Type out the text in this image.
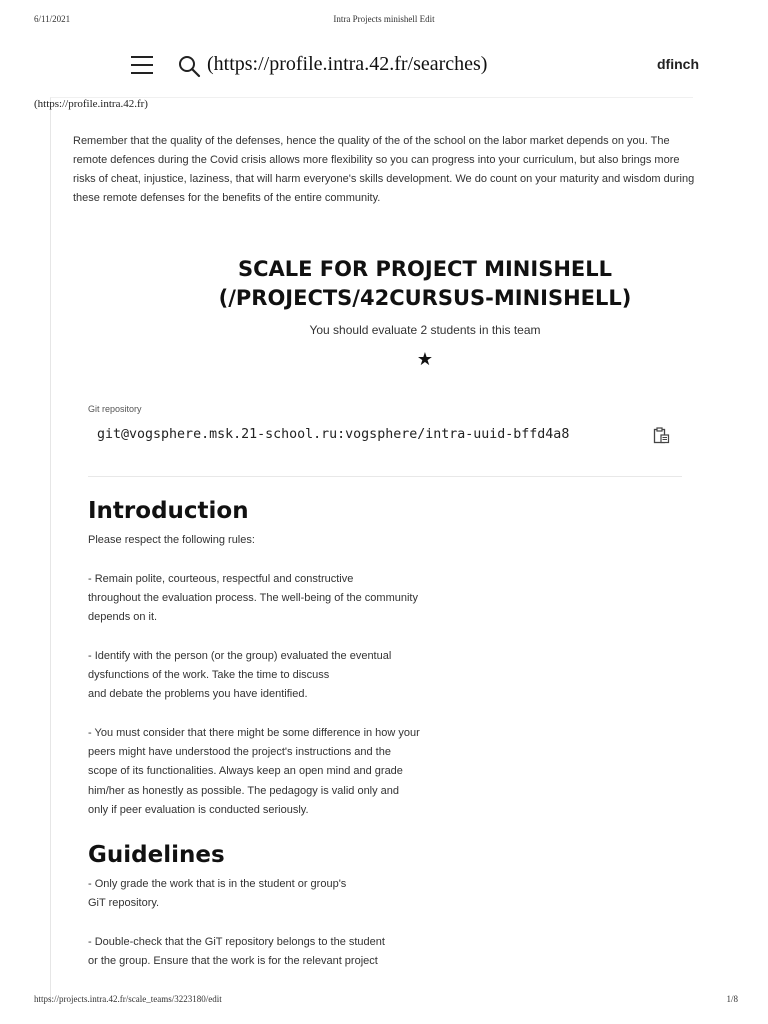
6/11/2021	Intra Projects minishell Edit
(https://profile.intra.42.fr/searches)	dfinch
(https://profile.intra.42.fr)
Remember that the quality of the defenses, hence the quality of the of the school on the labor market depends on you. The remote defences during the Covid crisis allows more flexibility so you can progress into your curriculum, but also brings more risks of cheat, injustice, laziness, that will harm everyone's skills development. We do count on your maturity and wisdom during these remote defenses for the benefits of the entire community.
SCALE FOR PROJECT MINISHELL
(/PROJECTS/42CURSUS-MINISHELL)
You should evaluate 2 students in this team
★
Git repository
git@vogsphere.msk.21-school.ru:vogsphere/intra-uuid-bffd4a8
Introduction
Please respect the following rules:
- Remain polite, courteous, respectful and constructive
throughout the evaluation process. The well-being of the community
depends on it.
- Identify with the person (or the group) evaluated the eventual
dysfunctions of the work. Take the time to discuss
and debate the problems you have identified.
- You must consider that there might be some difference in how your
peers might have understood the project's instructions and the
scope of its functionalities. Always keep an open mind and grade
him/her as honestly as possible. The pedagogy is valid only and
only if peer evaluation is conducted seriously.
Guidelines
- Only grade the work that is in the student or group's
GiT repository.
- Double-check that the GiT repository belongs to the student
or the group. Ensure that the work is for the relevant project
https://projects.intra.42.fr/scale_teams/3223180/edit	1/8
